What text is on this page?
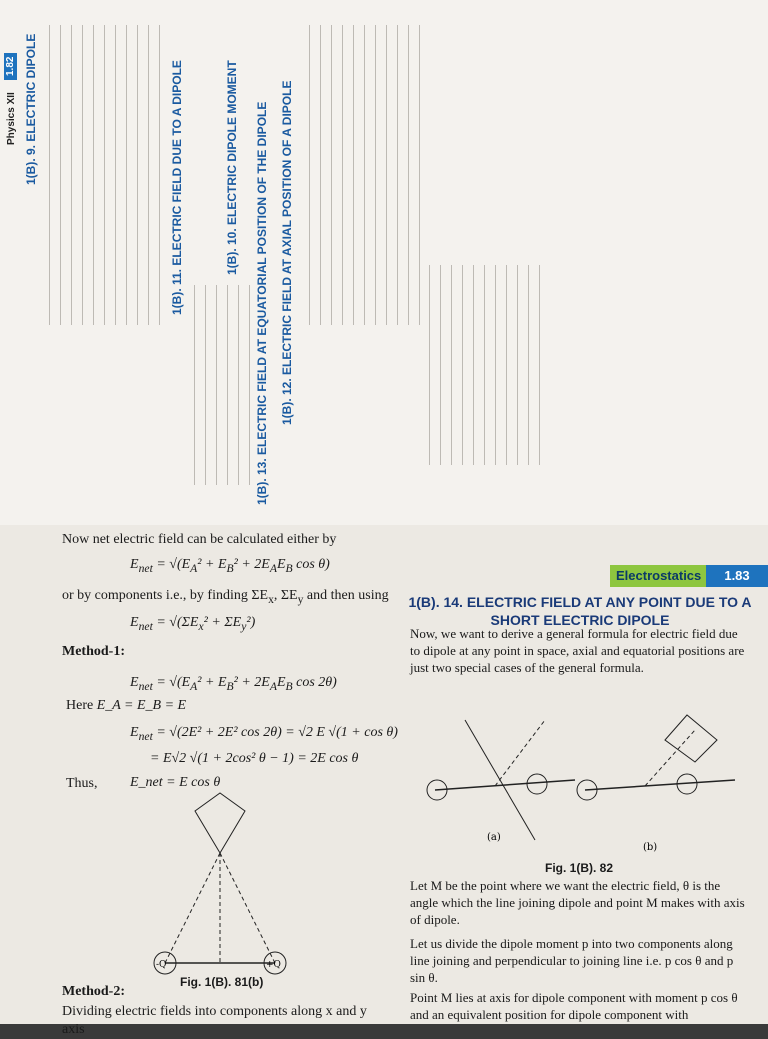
1.82
Physics XII 1(B). 9. ELECTRIC DIPOLE	1(B). 10. ELECTRIC DIPOLE MOMENT
1(B). 11. ELECTRIC FIELD DUE TO A DIPOLE	1(B). 12. ELECTRIC FIELD AT AXIAL POSITION OF A DIPOLE
1(B). 13. ELECTRIC FIELD AT EQUATORIAL POSITION OF THE DIPOLE
Electrostatics	1.83
1(B). 14. ELECTRIC FIELD AT ANY POINT DUE TO A SHORT ELECTRIC DIPOLE
Now net electric field can be calculated either by
$E_{net} = √(E_A^2 + E_B^2 + 2E_AE_B$ cos θ)
or by components i.e., by finding $\Sigma E_x$, $\Sigma E_y$ and then using
$E_{net} = √(\Sigma E_x^2 + \Sigma E_y^2)$
Method-1:
$E_{net} = √(E_A^2 + E_B^2 + 2E_AE_B$ cos 2θ)
Here E_A = E_B = E
$E_{net} = √(2E^2 + 2E^2$ cos 2θ) = √2 E √(1 + cos θ)
= E√2 √(1 + 2cos² θ − 1) = 2E cos θ
Thus, E_net = E cos θ
-Q	+Q
Fig. 1(B). 81(b)
Method-2:
Dividing electric fields into components along x and y axis
Now, we want to derive a general formula for electric field due to dipole at any point in space, axial and equatorial positions are just two special cases of the general formula.
(a)
(b)
Fig. 1(B). 82
Let M be the point where we want the electric field, θ is the angle which the line joining dipole and point M makes with axis of dipole.
Let us divide the dipole moment p into two components along line joining and perpendicular to joining line i.e. p cos θ and p sin θ.
Point M lies at axis for dipole component with moment p cos θ and an equivalent position for dipole component with
